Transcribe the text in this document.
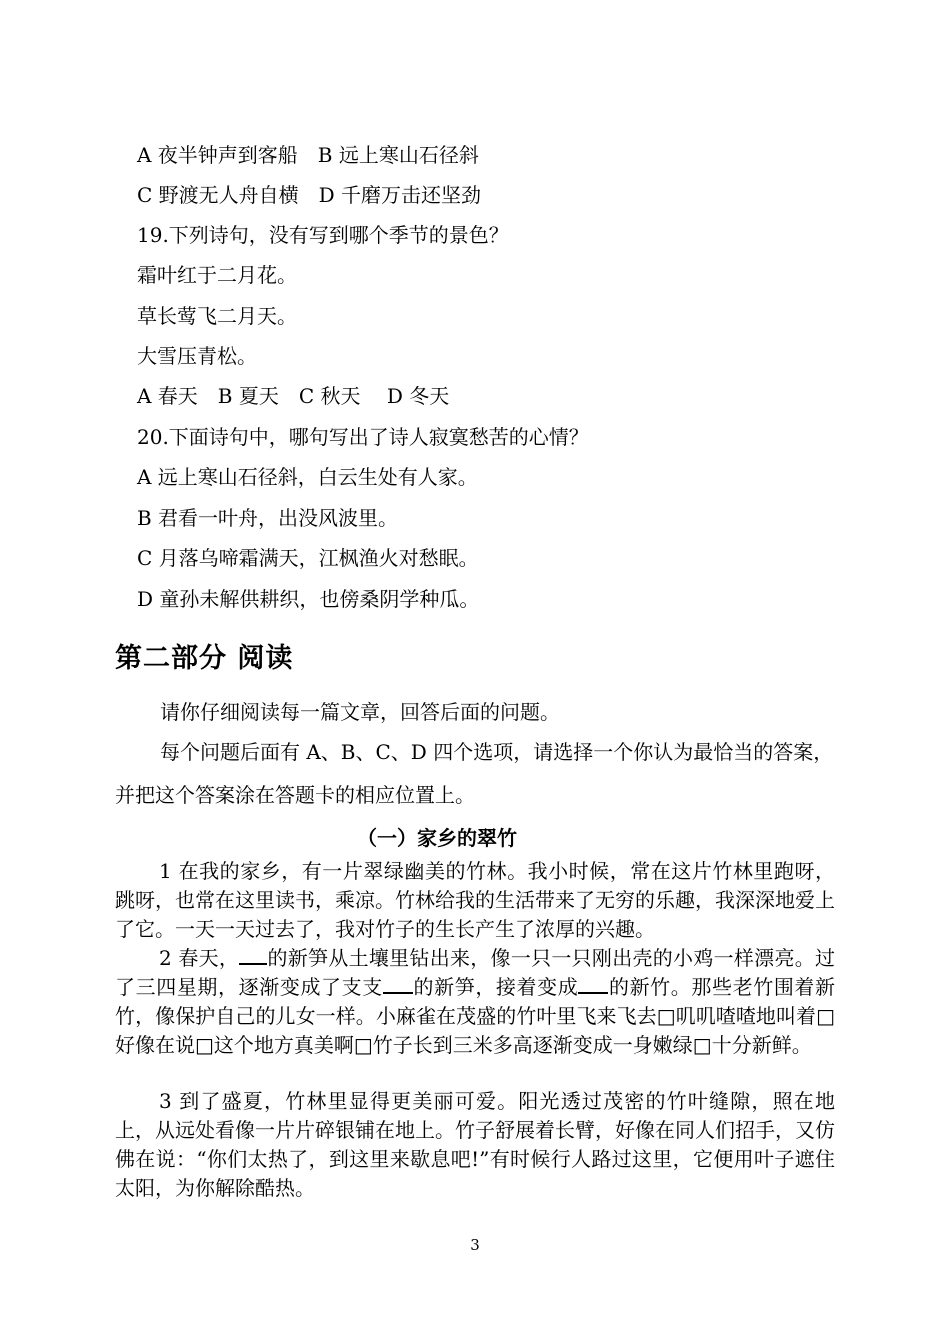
A 夜半钟声到客船　B 远上寒山石径斜
C 野渡无人舟自横　D 千磨万击还坚劲
19.下列诗句，没有写到哪个季节的景色？
霜叶红于二月花。
草长莺飞二月天。
大雪压青松。
A 春天　B 夏天　C 秋天　 D 冬天
20.下面诗句中，哪句写出了诗人寂寞愁苦的心情？
A 远上寒山石径斜，白云生处有人家。
B 君看一叶舟，出没风波里。
C 月落乌啼霜满天，江枫渔火对愁眠。
D 童孙未解供耕织，也傍桑阴学种瓜。
第二部分 阅读
请你仔细阅读每一篇文章，回答后面的问题。
每个问题后面有 A、B、C、D 四个选项，请选择一个你认为最恰当的答案，
并把这个答案涂在答题卡的相应位置上。
（一）家乡的翠竹
1 在我的家乡，有一片翠绿幽美的竹林。我小时候，常在这片竹林里跑呀，跳呀，也常在这里读书，乘凉。竹林给我的生活带来了无穷的乐趣，我深深地爱上了它。一天一天过去了，我对竹子的生长产生了浓厚的兴趣。
2 春天， 的新笋从土壤里钻出来，像一只一只刚出壳的小鸡一样漂亮。过了三四星期，逐渐变成了支支 的新笋，接着变成 的新竹。那些老竹围着新竹，像保护自己的儿女一样。小麻雀在茂盛的竹叶里飞来飞去□叽叽喳喳地叫着□好像在说□这个地方真美啊□竹子长到三米多高逐渐变成一身嫩绿□十分新鲜。
3 到了盛夏，竹林里显得更美丽可爱。阳光透过茂密的竹叶缝隙，照在地上，从远处看像一片片碎银铺在地上。竹子舒展着长臂，好像在同人们招手，又仿佛在说：“你们太热了，到这里来歇息吧!”有时候行人路过这里，它便用叶子遮住太阳，为你解除酷热。
3
